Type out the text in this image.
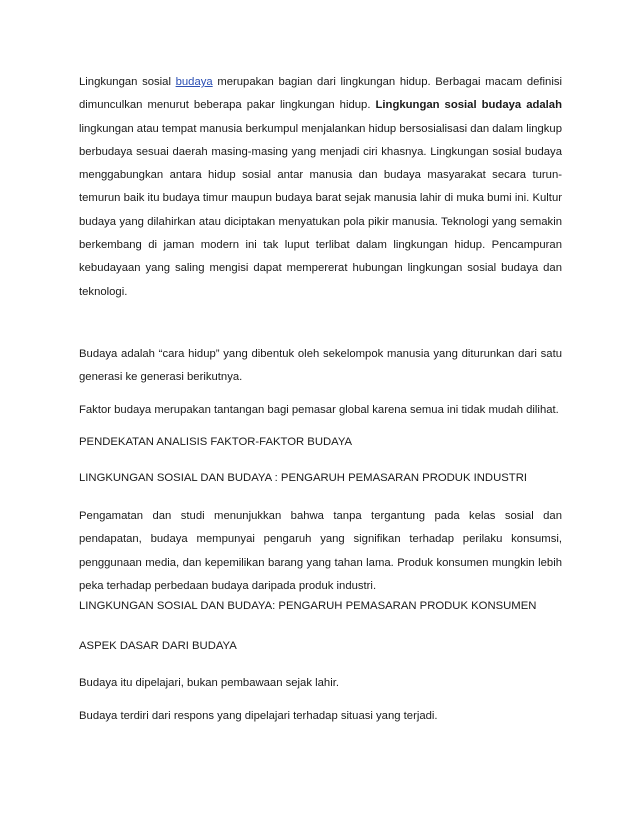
Lingkungan sosial budaya merupakan bagian dari lingkungan hidup. Berbagai macam definisi dimunculkan menurut beberapa pakar lingkungan hidup. Lingkungan sosial budaya adalah lingkungan atau tempat manusia berkumpul menjalankan hidup bersosialisasi dan dalam lingkup berbudaya sesuai daerah masing-masing yang menjadi ciri khasnya. Lingkungan sosial budaya menggabungkan antara hidup sosial antar manusia dan budaya masyarakat secara turun-temurun baik itu budaya timur maupun budaya barat sejak manusia lahir di muka bumi ini. Kultur budaya yang dilahirkan atau diciptakan menyatukan pola pikir manusia. Teknologi yang semakin berkembang di jaman modern ini tak luput terlibat dalam lingkungan hidup. Pencampuran kebudayaan yang saling mengisi dapat mempererat hubungan lingkungan sosial budaya dan teknologi.

Budaya adalah “cara hidup” yang dibentuk oleh sekelompok manusia yang diturunkan dari satu generasi ke generasi berikutnya.

Faktor budaya merupakan tantangan bagi pemasar global karena semua ini tidak mudah dilihat.
PENDEKATAN ANALISIS FAKTOR-FAKTOR BUDAYA
LINGKUNGAN SOSIAL DAN BUDAYA : PENGARUH PEMASARAN PRODUK INDUSTRI

Pengamatan dan studi menunjukkan bahwa tanpa tergantung pada kelas sosial dan pendapatan, budaya mempunyai pengaruh yang signifikan terhadap perilaku konsumsi, penggunaan media, dan kepemilikan barang yang tahan lama. Produk konsumen mungkin lebih peka terhadap perbedaan budaya daripada produk industri.

LINGKUNGAN SOSIAL DAN BUDAYA: PENGARUH PEMASARAN PRODUK KONSUMEN
ASPEK DASAR DARI BUDAYA
Budaya itu dipelajari, bukan pembawaan sejak lahir.
Budaya terdiri dari respons yang dipelajari terhadap situasi yang terjadi.
